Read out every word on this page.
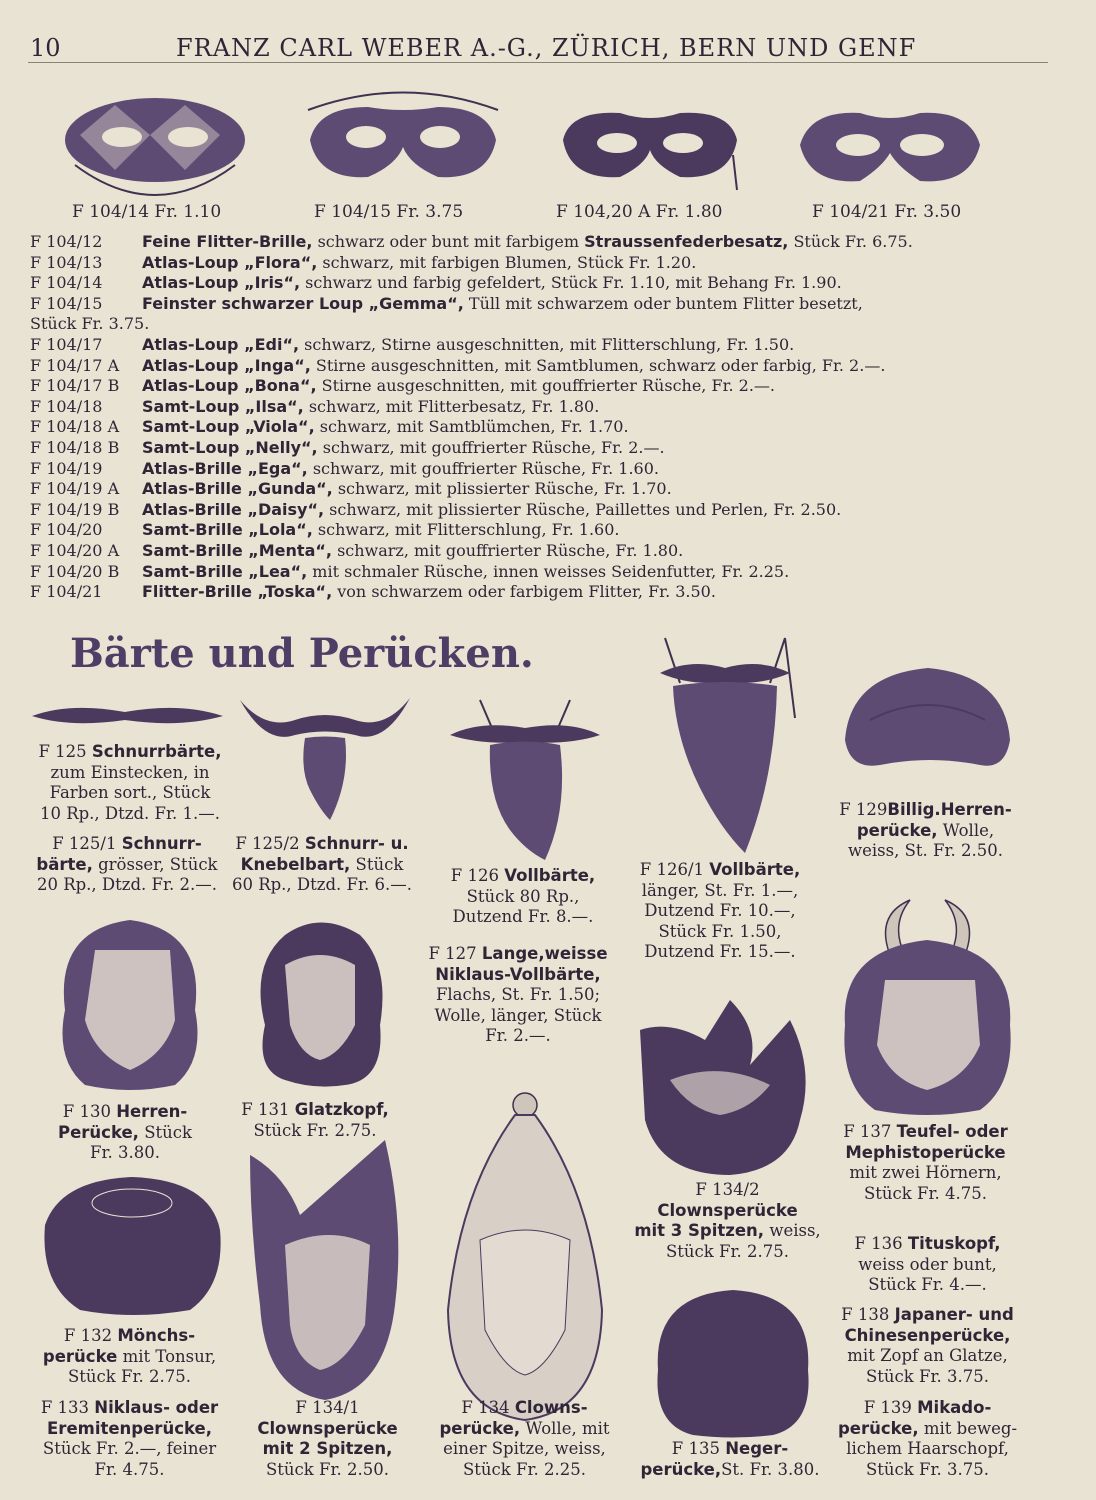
10	FRANZ CARL WEBER A.-G., ZÜRICH, BERN UND GENF
F 104/14 Fr. 1.10	F 104/15 Fr. 3.75	F 104,20 A Fr. 1.80	F 104/21 Fr. 3.50
F 104/12	Feine Flitter-Brille, schwarz oder bunt mit farbigem Straussenfederbesatz, Stück Fr. 6.75.
F 104/13	Atlas-Loup „Flora“, schwarz, mit farbigen Blumen, Stück Fr. 1.20.
F 104/14	Atlas-Loup „Iris“, schwarz und farbig gefeldert, Stück Fr. 1.10, mit Behang Fr. 1.90.
F 104/15	Feinster schwarzer Loup „Gemma“, Tüll mit schwarzem oder buntem Flitter besetzt,
Stück Fr. 3.75.
F 104/17	Atlas-Loup „Edi“, schwarz, Stirne ausgeschnitten, mit Flitterschlung, Fr. 1.50.
F 104/17 A	Atlas-Loup „Inga“, Stirne ausgeschnitten, mit Samtblumen, schwarz oder farbig, Fr. 2.—.
F 104/17 B	Atlas-Loup „Bona“, Stirne ausgeschnitten, mit gouffrierter Rüsche, Fr. 2.—.
F 104/18	Samt-Loup „Ilsa“, schwarz, mit Flitterbesatz, Fr. 1.80.
F 104/18 A	Samt-Loup „Viola“, schwarz, mit Samtblümchen, Fr. 1.70.
F 104/18 B	Samt-Loup „Nelly“, schwarz, mit gouffrierter Rüsche, Fr. 2.—.
F 104/19	Atlas-Brille „Ega“, schwarz, mit gouffrierter Rüsche, Fr. 1.60.
F 104/19 A	Atlas-Brille „Gunda“, schwarz, mit plissierter Rüsche, Fr. 1.70.
F 104/19 B	Atlas-Brille „Daisy“, schwarz, mit plissierter Rüsche, Paillettes und Perlen, Fr. 2.50.
F 104/20	Samt-Brille „Lola“, schwarz, mit Flitterschlung, Fr. 1.60.
F 104/20 A	Samt-Brille „Menta“, schwarz, mit gouffrierter Rüsche, Fr. 1.80.
F 104/20 B	Samt-Brille „Lea“, mit schmaler Rüsche, innen weisses Seidenfutter, Fr. 2.25.
F 104/21	Flitter-Brille „Toska“, von schwarzem oder farbigem Flitter, Fr. 3.50.
Bärte und Perücken.
F 125 Schnurrbärte,
zum Einstecken, in
Farben sort., Stück
10 Rp., Dtzd. Fr. 1.—.
F 125/1 Schnurr-
bärte, grösser, Stück
20 Rp., Dtzd. Fr. 2.—.
F 125/2 Schnurr- u.
Knebelbart, Stück
60 Rp., Dtzd. Fr. 6.—.	F 126 Vollbärte,
Stück 80 Rp.,
Dutzend Fr. 8.—.
F 126/1 Vollbärte,
länger, St. Fr. 1.—,
Dutzend Fr. 10.—,
Stück Fr. 1.50,
Dutzend Fr. 15.—.
F 127 Lange,weisse
Niklaus-Vollbärte,
Flachs, St. Fr. 1.50;
Wolle, länger, Stück
Fr. 2.—.
F 129Billig.Herren-
perücke, Wolle,
weiss, St. Fr. 2.50.
F 130 Herren-
Perücke, Stück
Fr. 3.80.
F 131 Glatzkopf,
Stück Fr. 2.75.	F 137 Teufel- oder
Mephistoperücke
mit zwei Hörnern,
Stück Fr. 4.75.
F 134/2
Clownsperücke
mit 3 Spitzen, weiss,
Stück Fr. 2.75.	F 136 Tituskopf,
weiss oder bunt,
Stück Fr. 4.—.
F 132 Mönchs-
perücke mit Tonsur,
Stück Fr. 2.75.
F 138 Japaner- und
Chinesenperücke,
mit Zopf an Glatze,
Stück Fr. 3.75.
F 133 Niklaus- oder
Eremitenperücke,
Stück Fr. 2.—, feiner
Fr. 4.75.
F 134/1
Clownsperücke
mit 2 Spitzen,
Stück Fr. 2.50.
F 134 Clowns-
perücke, Wolle, mit
einer Spitze, weiss,
Stück Fr. 2.25.
F 135 Neger-
perücke,St. Fr. 3.80.
F 139 Mikado-
perücke, mit beweg-
lichem Haarschopf,
Stück Fr. 3.75.
